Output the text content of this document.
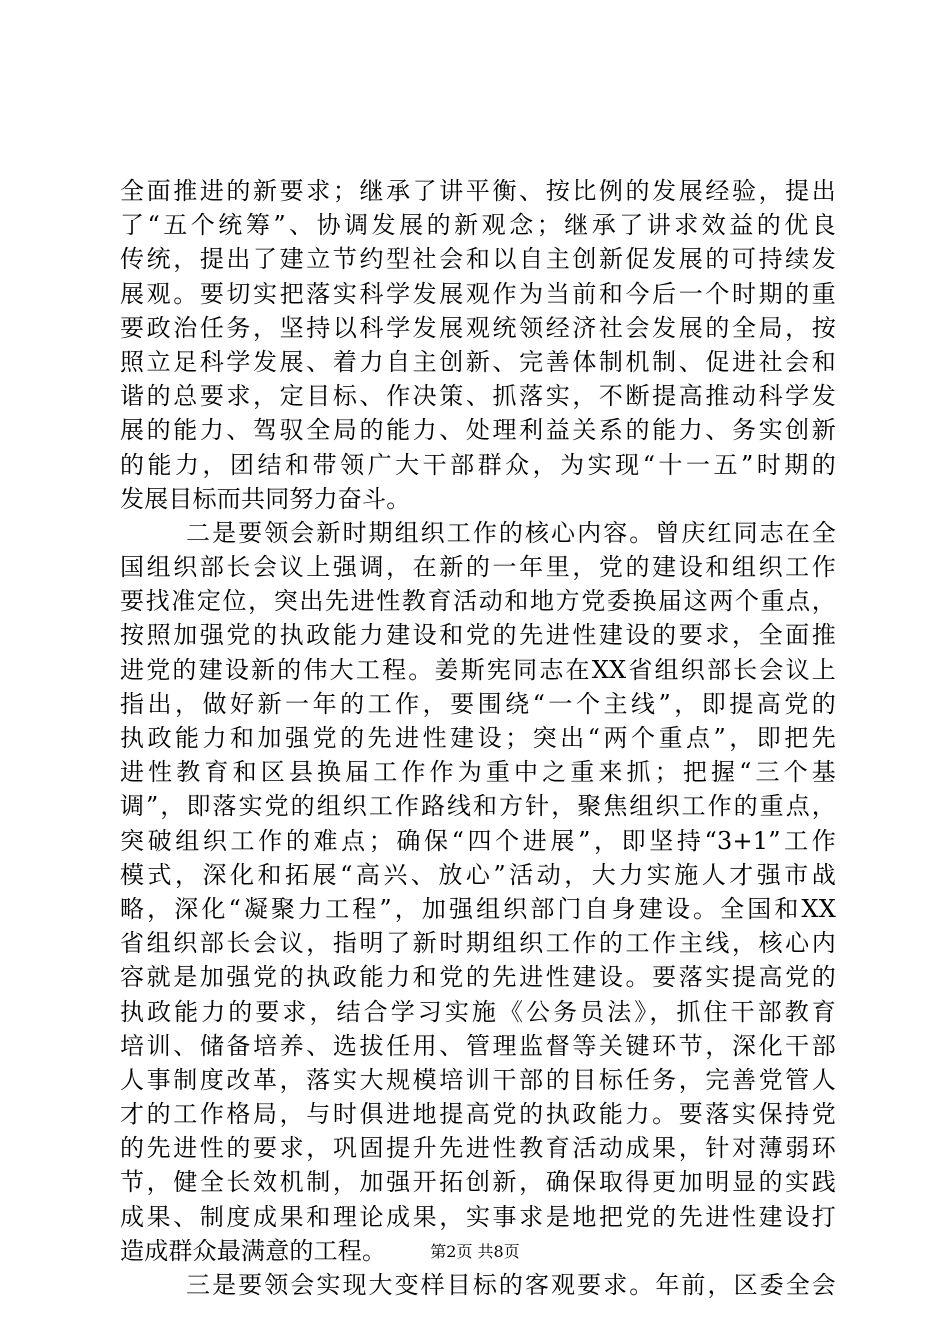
全面推进的新要求；继承了讲平衡、按比例的发展经验，提出
了“五个统筹”、协调发展的新观念；继承了讲求效益的优良
传统，提出了建立节约型社会和以自主创新促发展的可持续发
展观。要切实把落实科学发展观作为当前和今后一个时期的重
要政治任务，坚持以科学发展观统领经济社会发展的全局，按
照立足科学发展、着力自主创新、完善体制机制、促进社会和
谐的总要求，定目标、作决策、抓落实，不断提高推动科学发
展的能力、驾驭全局的能力、处理利益关系的能力、务实创新
的能力，团结和带领广大干部群众，为实现“十一五”时期的
发展目标而共同努力奋斗。
二是要领会新时期组织工作的核心内容。曾庆红同志在全
国组织部长会议上强调，在新的一年里，党的建设和组织工作
要找准定位，突出先进性教育活动和地方党委换届这两个重点，
按照加强党的执政能力建设和党的先进性建设的要求，全面推
进党的建设新的伟大工程。姜斯宪同志在XX省组织部长会议上
指出，做好新一年的工作，要围绕“一个主线”，即提高党的
执政能力和加强党的先进性建设；突出“两个重点”，即把先
进性教育和区县换届工作作为重中之重来抓；把握“三个基
调”，即落实党的组织工作路线和方针，聚焦组织工作的重点，
突破组织工作的难点；确保“四个进展”，即坚持“3+1”工作
模式，深化和拓展“高兴、放心”活动，大力实施人才强市战
略，深化“凝聚力工程”，加强组织部门自身建设。全国和XX
省组织部长会议，指明了新时期组织工作的工作主线，核心内
容就是加强党的执政能力和党的先进性建设。要落实提高党的
执政能力的要求，结合学习实施《公务员法》，抓住干部教育
培训、储备培养、选拔任用、管理监督等关键环节，深化干部
人事制度改革，落实大规模培训干部的目标任务，完善党管人
才的工作格局，与时俱进地提高党的执政能力。要落实保持党
的先进性的要求，巩固提升先进性教育活动成果，针对薄弱环
节，健全长效机制，加强开拓创新，确保取得更加明显的实践
成果、制度成果和理论成果，实事求是地把党的先进性建设打
造成群众最满意的工程。
三是要领会实现大变样目标的客观要求。年前，区委全会
第2页 共8页
